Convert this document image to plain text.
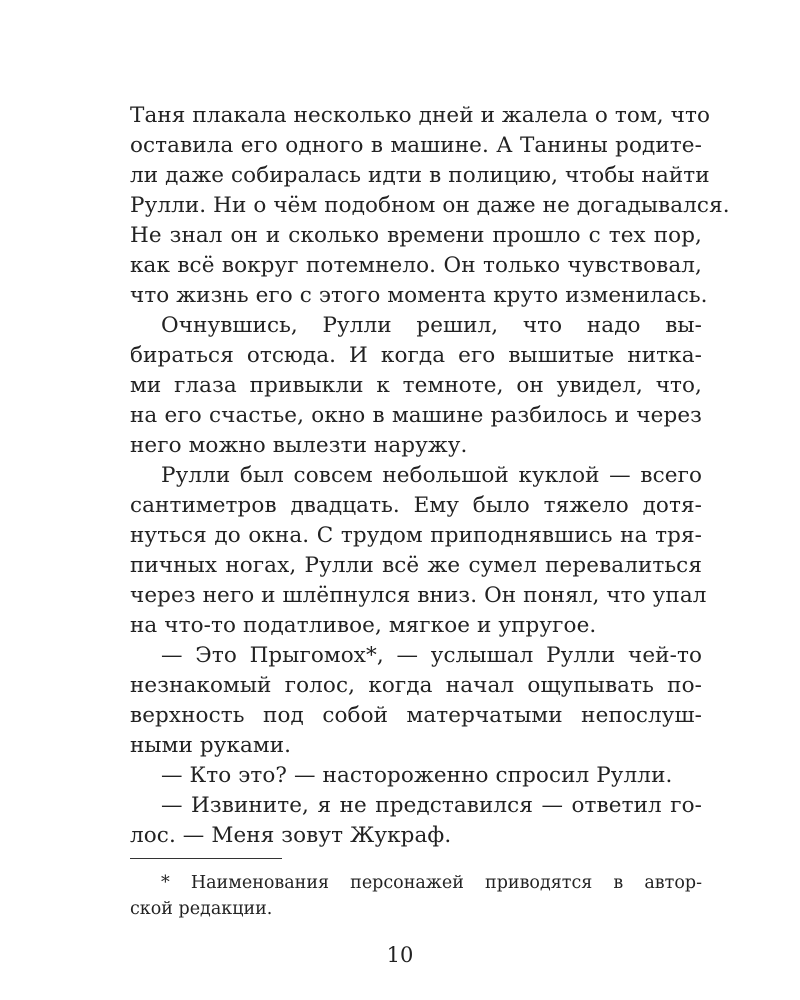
Таня плакала несколько дней и жалела о том, что
оставила его одного в машине. А Танины родите-
ли даже собиралась идти в полицию, чтобы найти
Рулли. Ни о чём подобном он даже не догадывался.
Не знал он и сколько времени прошло с тех пор,
как всё вокруг потемнело. Он только чувствовал,
что жизнь его с этого момента круто изменилась.
Очнувшись, Рулли решил, что надо вы-
бираться отсюда. И когда его вышитые нитка-
ми глаза привыкли к темноте, он увидел, что,
на его счастье, окно в машине разбилось и через
него можно вылезти наружу.
Рулли был совсем небольшой куклой — всего
сантиметров двадцать. Ему было тяжело дотя-
нуться до окна. С трудом приподнявшись на тря-
пичных ногах, Рулли всё же сумел перевалиться
через него и шлёпнулся вниз. Он понял, что упал
на что-то податливое, мягкое и упругое.
— Это Прыгомох*, — услышал Рулли чей-то
незнакомый голос, когда начал ощупывать по-
верхность под собой матерчатыми непослуш-
ными руками.
— Кто это? — настороженно спросил Рулли.
— Извините, я не представился — ответил го-
лос. — Меня зовут Жукраф.
* Наименования персонажей приводятся в автор-
ской редакции.
10
